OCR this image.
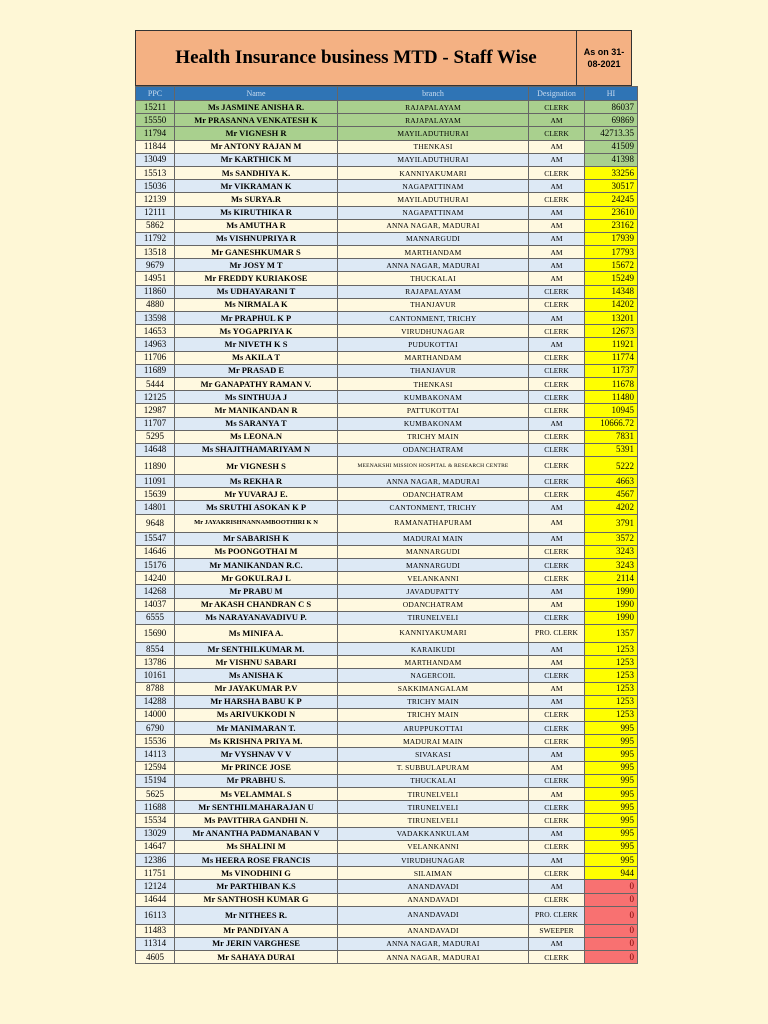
Health Insurance business MTD - Staff Wise	As on 31-08-2021
PPC	Name	branch	Designation	HI
15211	Ms JASMINE ANISHA R.	RAJAPALAYAM	CLERK	86037
15550	Mr PRASANNA VENKATESH K	RAJAPALAYAM	AM	69869
11794	Mr VIGNESH R	MAYILADUTHURAI	CLERK	42713.35
11844	Mr ANTONY RAJAN M	THENKASI	AM	41509
13049	Mr KARTHICK M	MAYILADUTHURAI	AM	41398
15513	Ms SANDHIYA K.	KANNIYAKUMARI	CLERK	33256
15036	Mr VIKRAMAN K	NAGAPATTINAM	AM	30517
12139	Ms SURYA.R	MAYILADUTHURAI	CLERK	24245
12111	Ms KIRUTHIKA R	NAGAPATTINAM	AM	23610
5862	Ms AMUTHA R	ANNA NAGAR, MADURAI	AM	23162
11792	Ms VISHNUPRIYA R	MANNARGUDI	AM	17939
13518	Mr GANESHKUMAR S	MARTHANDAM	AM	17793
9679	Mr JOSY M T	ANNA NAGAR, MADURAI	AM	15672
14951	Mr FREDDY KURIAKOSE	THUCKALAI	AM	15249
11860	Ms UDHAYARANI T	RAJAPALAYAM	CLERK	14348
4880	Ms NIRMALA K	THANJAVUR	CLERK	14202
13598	Mr PRAPHUL K P	CANTONMENT, TRICHY	AM	13201
14653	Ms YOGAPRIYA K	VIRUDHUNAGAR	CLERK	12673
14963	Mr NIVETH K S	PUDUKOTTAI	AM	11921
11706	Ms AKILA T	MARTHANDAM	CLERK	11774
11689	Mr PRASAD E	THANJAVUR	CLERK	11737
5444	Mr GANAPATHY RAMAN V.	THENKASI	CLERK	11678
12125	Ms SINTHUJA J	KUMBAKONAM	CLERK	11480
12987	Mr MANIKANDAN R	PATTUKOTTAI	CLERK	10945
11707	Ms SARANYA T	KUMBAKONAM	AM	10666.72
5295	Ms LEONA.N	TRICHY MAIN	CLERK	7831
14648	Ms SHAJITHAMARIYAM N	ODANCHATRAM	CLERK	5391
11890	Mr VIGNESH S	MEENAKSHI MISSION HOSPITAL & RESEARCH CENTRE	CLERK	5222
11091	Ms REKHA R	ANNA NAGAR, MADURAI	CLERK	4663
15639	Mr YUVARAJ E.	ODANCHATRAM	CLERK	4567
14801	Ms SRUTHI ASOKAN K P	CANTONMENT, TRICHY	AM	4202
9648	Mr JAYAKRISHNANNAMBOOTHIRI K N	RAMANATHAPURAM	AM	3791
15547	Mr SABARISH K	MADURAI MAIN	AM	3572
14646	Ms POONGOTHAI M	MANNARGUDI	CLERK	3243
15176	Mr MANIKANDAN R.C.	MANNARGUDI	CLERK	3243
14240	Mr GOKULRAJ L	VELANKANNI	CLERK	2114
14268	Mr PRABU M	JAVADUPATTY	AM	1990
14037	Mr AKASH CHANDRAN C S	ODANCHATRAM	AM	1990
6555	Ms NARAYANAVADIVU P.	TIRUNELVELI	CLERK	1990
15690	Ms MINIFA A.	KANNIYAKUMARI	PRO. CLERK	1357
8554	Mr SENTHILKUMAR M.	KARAIKUDI	AM	1253
13786	Mr VISHNU SABARI	MARTHANDAM	AM	1253
10161	Ms ANISHA K	NAGERCOIL	CLERK	1253
8788	Mr JAYAKUMAR P.V	SAKKIMANGALAM	AM	1253
14288	Mr HARSHA BABU K P	TRICHY MAIN	AM	1253
14000	Ms ARIVUKKODI N	TRICHY MAIN	CLERK	1253
6790	Mr MANIMARAN T.	ARUPPUKOTTAI	CLERK	995
15536	Ms KRISHNA PRIYA M.	MADURAI MAIN	CLERK	995
14113	Mr VYSHNAV V V	SIVAKASI	AM	995
12594	Mr PRINCE JOSE	T. SUBBULAPURAM	AM	995
15194	Mr PRABHU S.	THUCKALAI	CLERK	995
5625	Ms VELAMMAL S	TIRUNELVELI	AM	995
11688	Mr SENTHILMAHARAJAN U	TIRUNELVELI	CLERK	995
15534	Ms PAVITHRA GANDHI N.	TIRUNELVELI	CLERK	995
13029	Mr ANANTHA PADMANABAN V	VADAKKANKULAM	AM	995
14647	Ms SHALINI M	VELANKANNI	CLERK	995
12386	Ms HEERA ROSE FRANCIS	VIRUDHUNAGAR	AM	995
11751	Ms VINODHINI G	SILAIMAN	CLERK	944
12124	Mr PARTHIBAN K.S	ANANDAVADI	AM	0
14644	Mr SANTHOSH KUMAR G	ANANDAVADI	CLERK	0
16113	Mr NITHEES R.	ANANDAVADI	PRO. CLERK	0
11483	Mr PANDIYAN A	ANANDAVADI	SWEEPER	0
11314	Mr JERIN VARGHESE	ANNA NAGAR, MADURAI	AM	0
4605	Mr SAHAYA DURAI	ANNA NAGAR, MADURAI	CLERK	0
